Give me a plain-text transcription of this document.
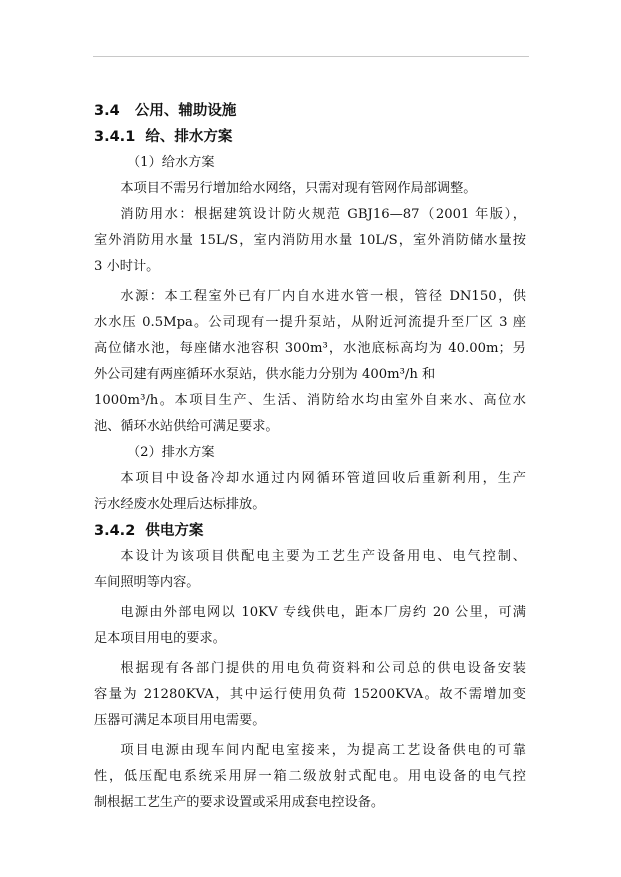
3.4 公用、辅助设施
3.4.1 给、排水方案
（1）给水方案
本项目不需另行增加给水网络，只需对现有管网作局部调整。
消防用水：根据建筑设计防火规范 GBJ16—87（2001 年版），
室外消防用水量 15L/S，室内消防用水量 10L/S，室外消防储水量按
3 小时计。
水源：本工程室外已有厂内自水进水管一根，管径 DN150，供
水水压 0.5Mpa。公司现有一提升泵站，从附近河流提升至厂区 3 座
高位储水池，每座储水池容积 300m³，水池底标高均为 40.00m；另
外公司建有两座循环水泵站，供水能力分别为 400m³/h 和
1000m³/h。本项目生产、生活、消防给水均由室外自来水、高位水
池、循环水站供给可满足要求。
（2）排水方案
本项目中设备冷却水通过内网循环管道回收后重新利用，生产
污水经废水处理后达标排放。
3.4.2 供电方案
本设计为该项目供配电主要为工艺生产设备用电、电气控制、
车间照明等内容。
电源由外部电网以 10KV 专线供电，距本厂房约 20 公里，可满
足本项目用电的要求。
根据现有各部门提供的用电负荷资料和公司总的供电设备安装
容量为 21280KVA，其中运行使用负荷 15200KVA。故不需增加变
压器可满足本项目用电需要。
项目电源由现车间内配电室接来，为提高工艺设备供电的可靠
性，低压配电系统采用屏一箱二级放射式配电。用电设备的电气控
制根据工艺生产的要求设置或采用成套电控设备。
